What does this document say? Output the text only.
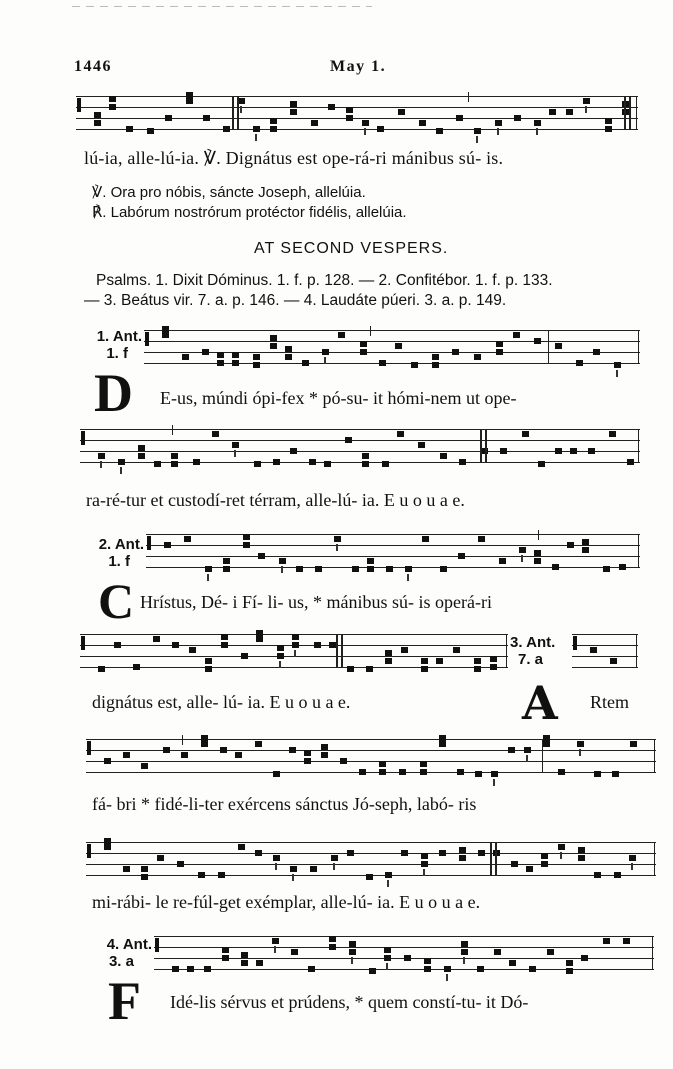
1446	May 1.
lú-ia, alle-lú-ia. ℣. Dignátus est ope-rá-ri mánibus sú- is.
℣. Ora pro nóbis, sáncte Joseph, allelúia.
℟. Labórum nostrórum protéctor fidélis, allelúia.
AT SECOND VESPERS.
Psalms. 1. Dixit Dóminus. 1. f. p. 128. — 2. Confitébor. 1. f. p. 133.
— 3. Beátus vir. 7. a. p. 146. — 4. Laudáte púeri. 3. a. p. 149.
1. Ant.
1. f
D E-us, múndi ópi-fex * pó-su- it hómi-nem ut ope-
ra-ré-tur et custodí-ret térram, alle-lú- ia. E u o u a e.
2. Ant.
1. f
C Hrístus, Dé- i Fí- li- us, * mánibus sú- is operá-ri
3. Ant.
7. a
dignátus est, alle- lú- ia. E u o u a e.	A Rtem
fá- bri * fidé-li-ter exércens sánctus Jó-seph, labó- ris
mi-rábi- le re-fúl-get exémplar, alle-lú- ia. E u o u a e.
4. Ant.
3. a
F Idé-lis sérvus et prúdens, * quem constí-tu- it Dó-
